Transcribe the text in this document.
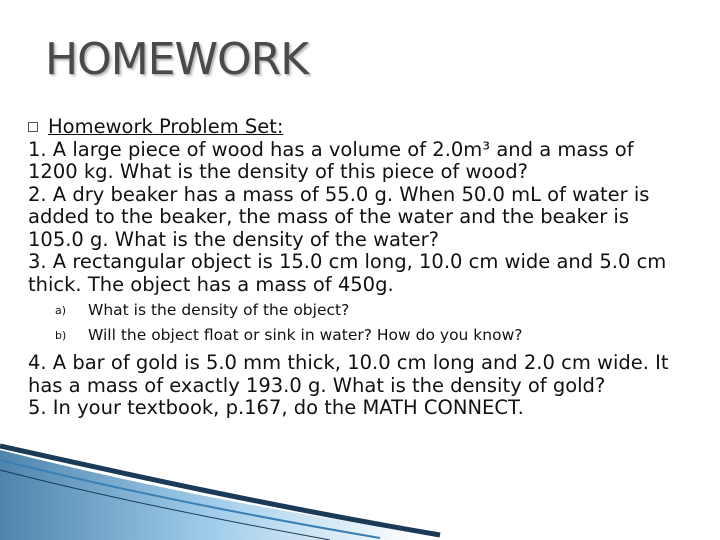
HOMEWORK
Homework Problem Set:
1. A large piece of wood has a volume of 2.0m³ and a mass of 1200 kg. What is the density of this piece of wood?
2. A dry beaker has a mass of 55.0 g. When 50.0 mL of water is added to the beaker, the mass of the water and the beaker is 105.0 g. What is the density of the water?
3. A rectangular object is 15.0 cm long, 10.0 cm wide and 5.0 cm thick. The object has a mass of 450g.
a) What is the density of the object?
b) Will the object float or sink in water? How do you know?
4. A bar of gold is 5.0 mm thick, 10.0 cm long and 2.0 cm wide. It has a mass of exactly 193.0 g. What is the density of gold?
5. In your textbook, p.167, do the MATH CONNECT.
